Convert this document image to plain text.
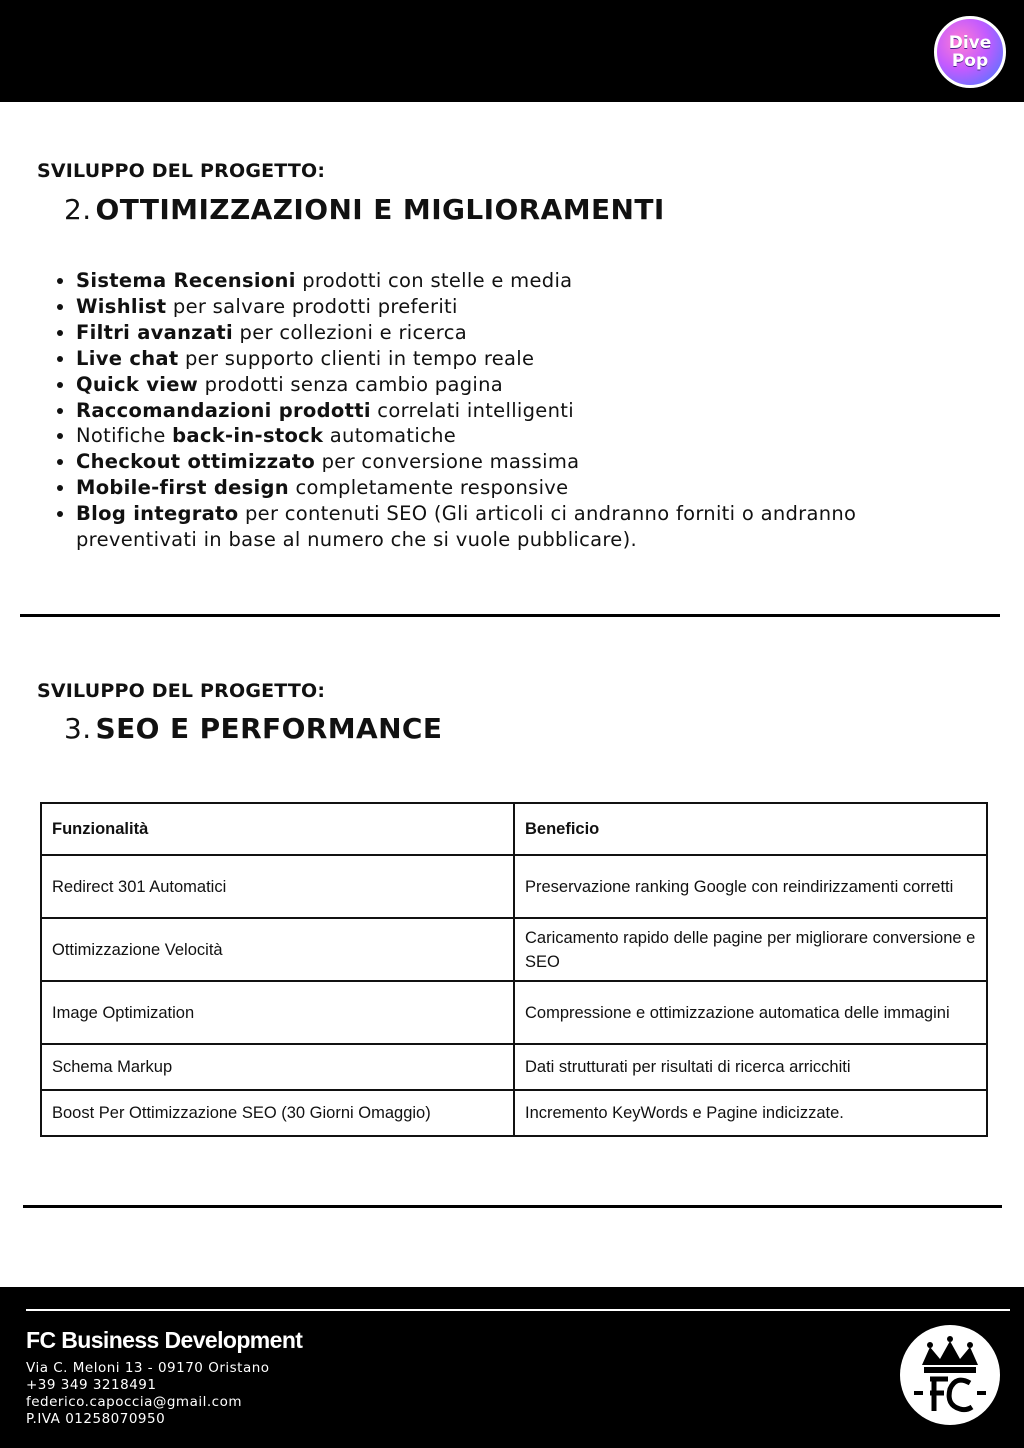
Dive
Pop
SVILUPPO DEL PROGETTO:
2. OTTIMIZZAZIONI E MIGLIORAMENTI
• Sistema Recensioni prodotti con stelle e media
• Wishlist per salvare prodotti preferiti
• Filtri avanzati per collezioni e ricerca
• Live chat per supporto clienti in tempo reale
• Quick view prodotti senza cambio pagina
• Raccomandazioni prodotti correlati intelligenti
• Notifiche back-in-stock automatiche
• Checkout ottimizzato per conversione massima
• Mobile-first design completamente responsive
• Blog integrato per contenuti SEO (Gli articoli ci andranno forniti o andranno preventivati in base al numero che si vuole pubblicare).
SVILUPPO DEL PROGETTO:
3. SEO E PERFORMANCE
Funzionalità	Beneficio
Redirect 301 Automatici	Preservazione ranking Google con reindirizzamenti corretti
Ottimizzazione Velocità	Caricamento rapido delle pagine per migliorare conversione e SEO
Image Optimization	Compressione e ottimizzazione automatica delle immagini
Schema Markup	Dati strutturati per risultati di ricerca arricchiti
Boost Per Ottimizzazione SEO (30 Giorni Omaggio)	Incremento KeyWords e Pagine indicizzate.
FC Business Development
Via C. Meloni 13 - 09170 Oristano
+39 349 3218491
federico.capoccia@gmail.com
P.IVA 01258070950
